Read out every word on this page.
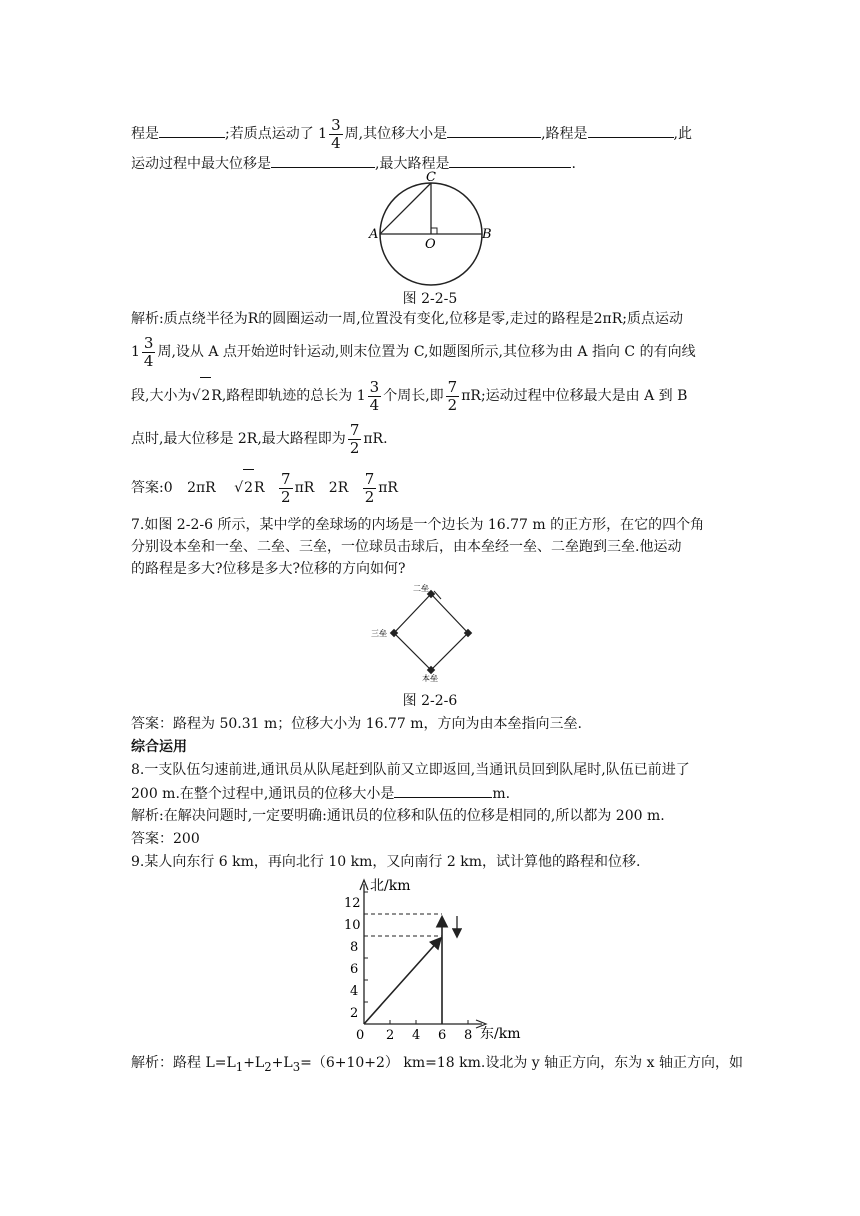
程是	;若质点运动了 $1 \frac{3}{4}$ 周,其位移大小是	,路程是	,此
运动过程中最大位移是	,最大路程是	.
C
A	B
O
图 2-2-5
解析:质点绕半径为R的圆圈运动一周,位置没有变化,位移是零,走过的路程是2πR;质点运动
$1 \frac{3}{4}$ 周,设从 A 点开始逆时针运动,则末位置为 C,如题图所示,其位移为由 A 指向 C 的有向线
段,大小为√2R,路程即轨迹的总长为 $1 \frac{3}{4}$ 个周长,即 $\frac{7}{2} \pi R$;运动过程中位移最大是由 A 到 B
点时,最大位移是 2R,最大路程即为 $\frac{7}{2} \pi R$.
答案:0 2πR $√2R \frac{7}{2}$ πR $2R \frac{7}{2}$ πR
7.如图 2-2-6 所示，某中学的垒球场的内场是一个边长为 16.77 m 的正方形，在它的四个角
分别设本垒和一垒、二垒、三垒，一位球员击球后，由本垒经一垒、二垒跑到三垒.他运动
的路程是多大?位移是多大?位移的方向如何?
二垒
三垒
本垒
图 2-2-6
答案：路程为 50.31 m；位移大小为 16.77 m，方向为由本垒指向三垒.
综合运用
8.一支队伍匀速前进,通讯员从队尾赶到队前又立即返回,当通讯员回到队尾时,队伍已前进了
200 m.在整个过程中,通讯员的位移大小是	m.
解析:在解决问题时,一定要明确:通讯员的位移和队伍的位移是相同的,所以都为 200 m.
答案：200
9.某人向东行 6 km，再向北行 10 km，又向南行 2 km，试计算他的路程和位移.
12
10
8
6
4
2
0 2 4 6 8
北/km
东/km
解析：路程 $L=L_1+L_2+L_3=(6+10+2)$ km=18 km.设北为 y 轴正方向，东为 x 轴正方向，如
